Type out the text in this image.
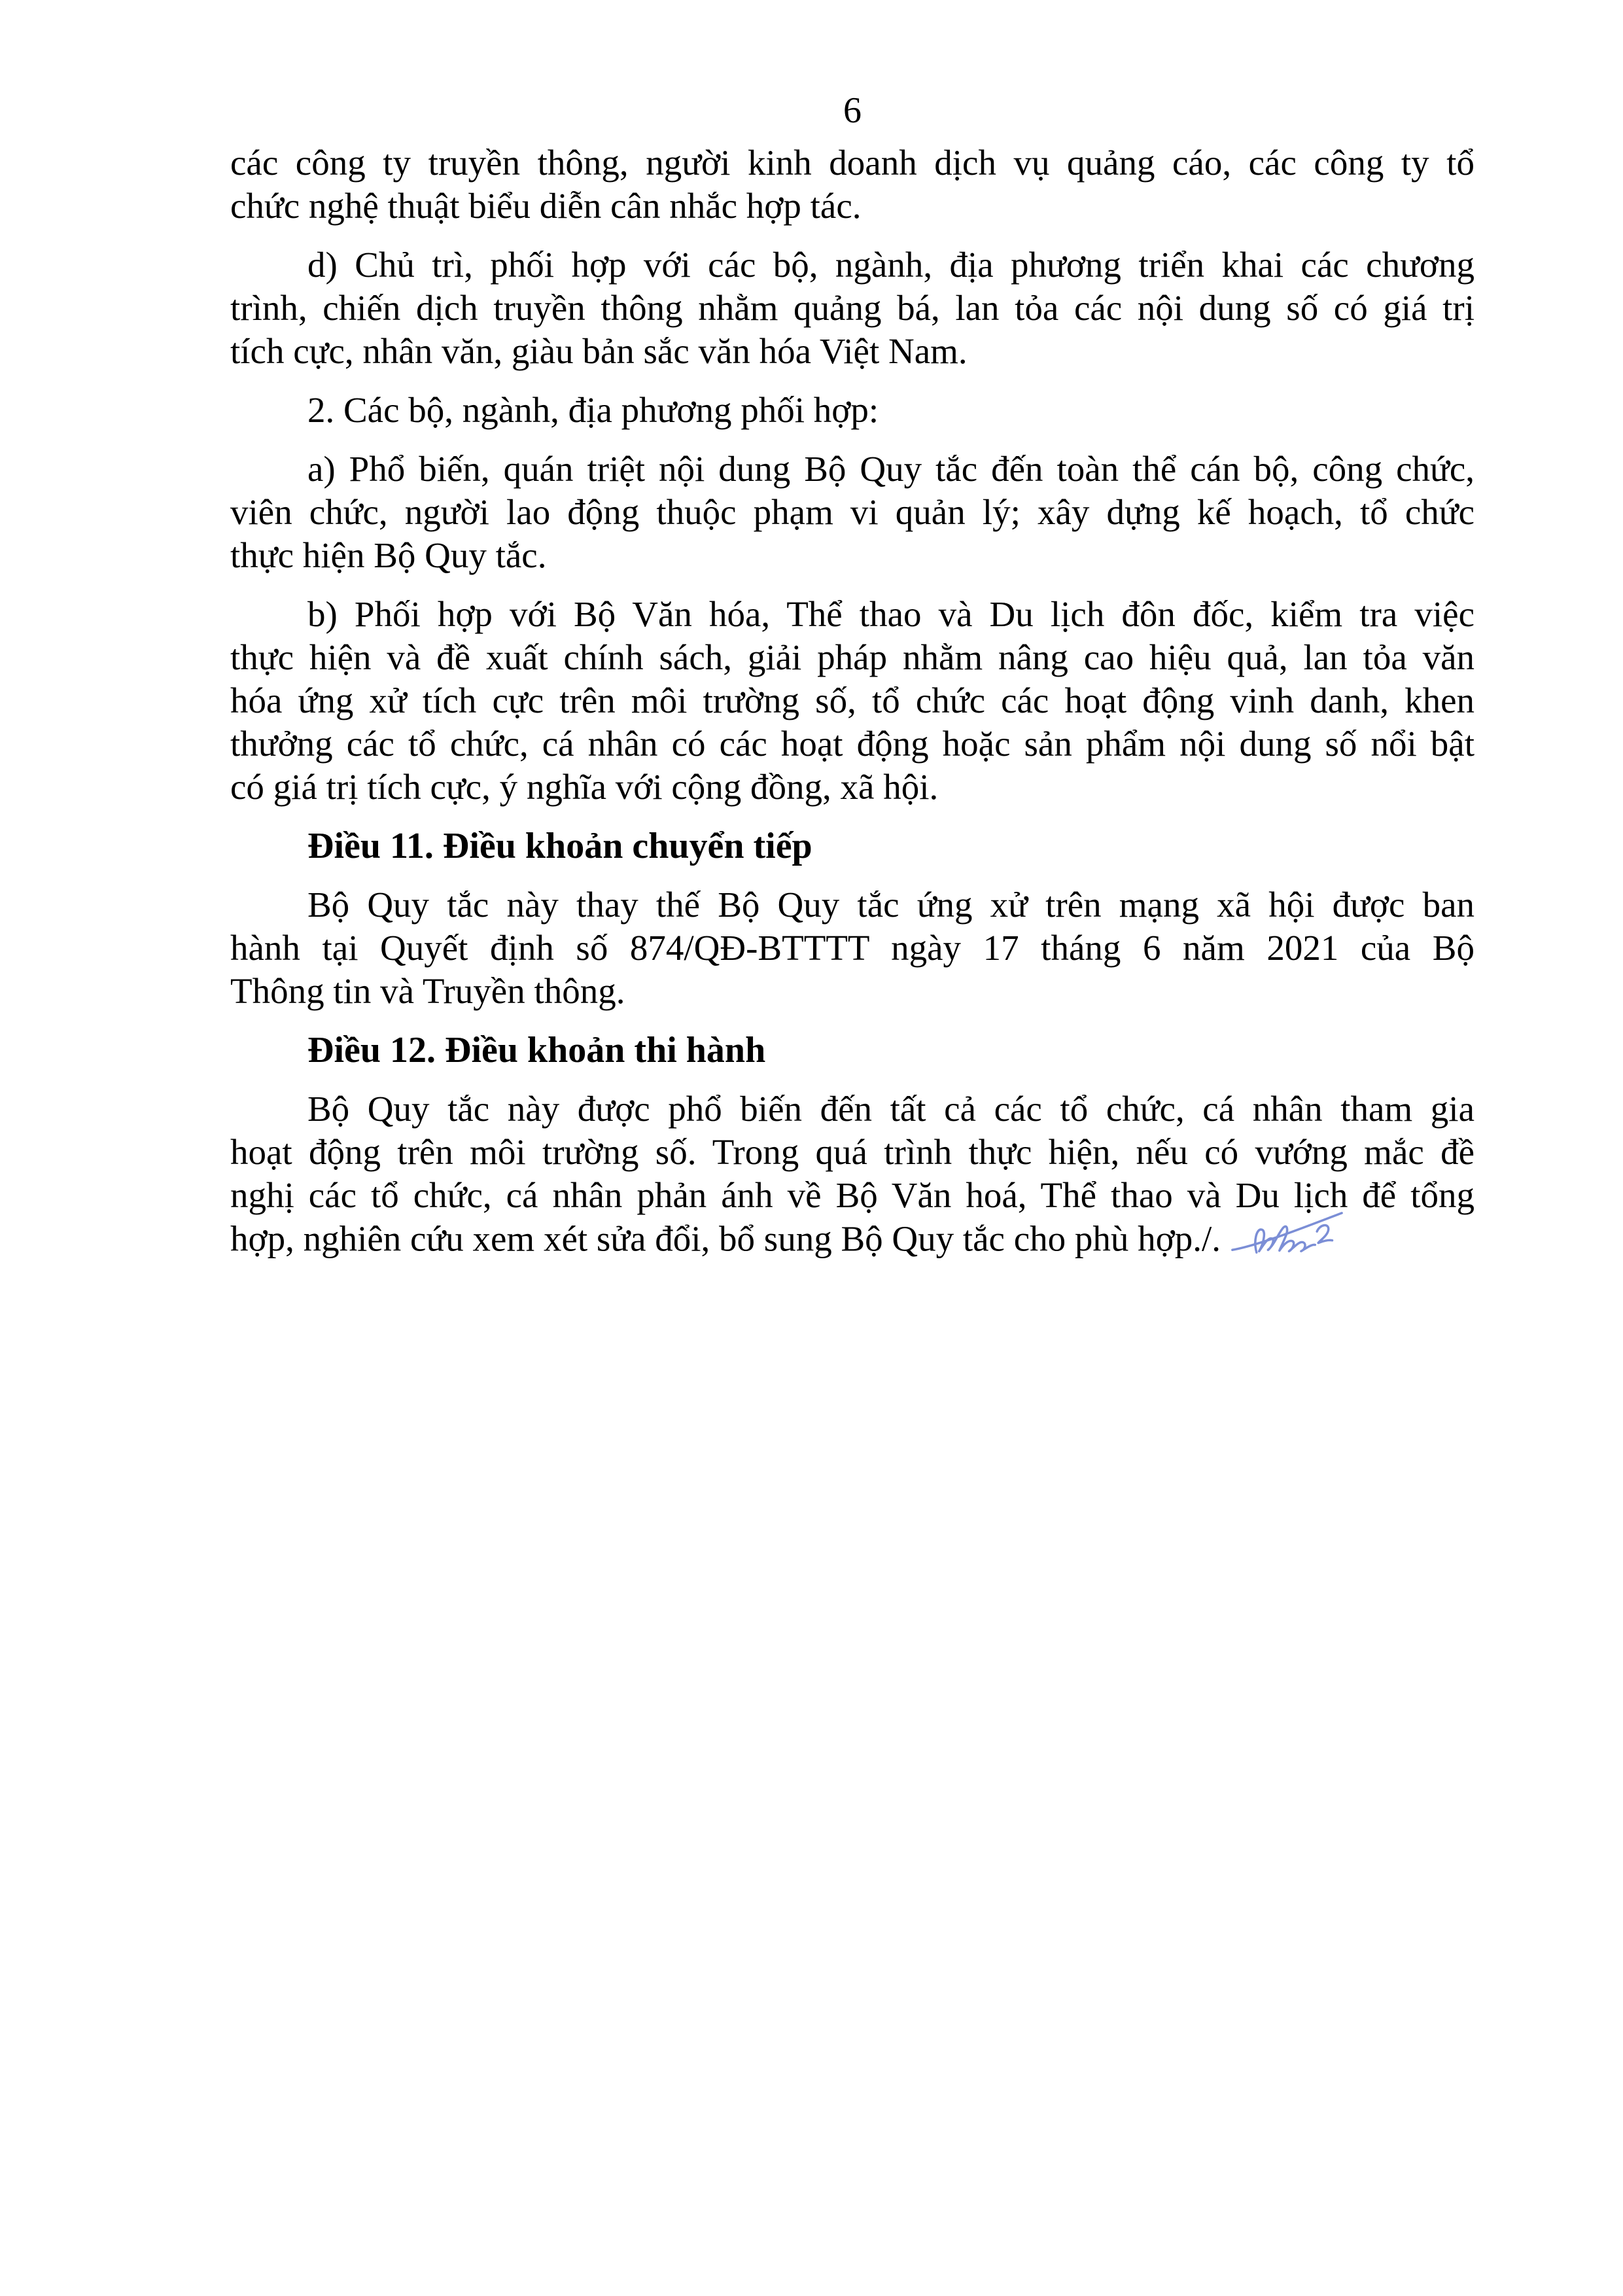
6
các công ty truyền thông, người kinh doanh dịch vụ quảng cáo, các công ty tổ
chức nghệ thuật biểu diễn cân nhắc hợp tác.
d) Chủ trì, phối hợp với các bộ, ngành, địa phương triển khai các chương
trình, chiến dịch truyền thông nhằm quảng bá, lan tỏa các nội dung số có giá trị
tích cực, nhân văn, giàu bản sắc văn hóa Việt Nam.
2. Các bộ, ngành, địa phương phối hợp:
a) Phổ biến, quán triệt nội dung Bộ Quy tắc đến toàn thể cán bộ, công chức,
viên chức, người lao động thuộc phạm vi quản lý; xây dựng kế hoạch, tổ chức
thực hiện Bộ Quy tắc.
b) Phối hợp với Bộ Văn hóa, Thể thao và Du lịch đôn đốc, kiểm tra việc
thực hiện và đề xuất chính sách, giải pháp nhằm nâng cao hiệu quả, lan tỏa văn
hóa ứng xử tích cực trên môi trường số, tổ chức các hoạt động vinh danh, khen
thưởng các tổ chức, cá nhân có các hoạt động hoặc sản phẩm nội dung số nổi bật
có giá trị tích cực, ý nghĩa với cộng đồng, xã hội.
Điều 11. Điều khoản chuyển tiếp
Bộ Quy tắc này thay thế Bộ Quy tắc ứng xử trên mạng xã hội được ban
hành tại Quyết định số 874/QĐ-BTTTT ngày 17 tháng 6 năm 2021 của Bộ
Thông tin và Truyền thông.
Điều 12. Điều khoản thi hành
Bộ Quy tắc này được phổ biến đến tất cả các tổ chức, cá nhân tham gia
hoạt động trên môi trường số. Trong quá trình thực hiện, nếu có vướng mắc đề
nghị các tổ chức, cá nhân phản ánh về Bộ Văn hoá, Thể thao và Du lịch để tổng
hợp, nghiên cứu xem xét sửa đổi, bổ sung Bộ Quy tắc cho phù hợp./.
